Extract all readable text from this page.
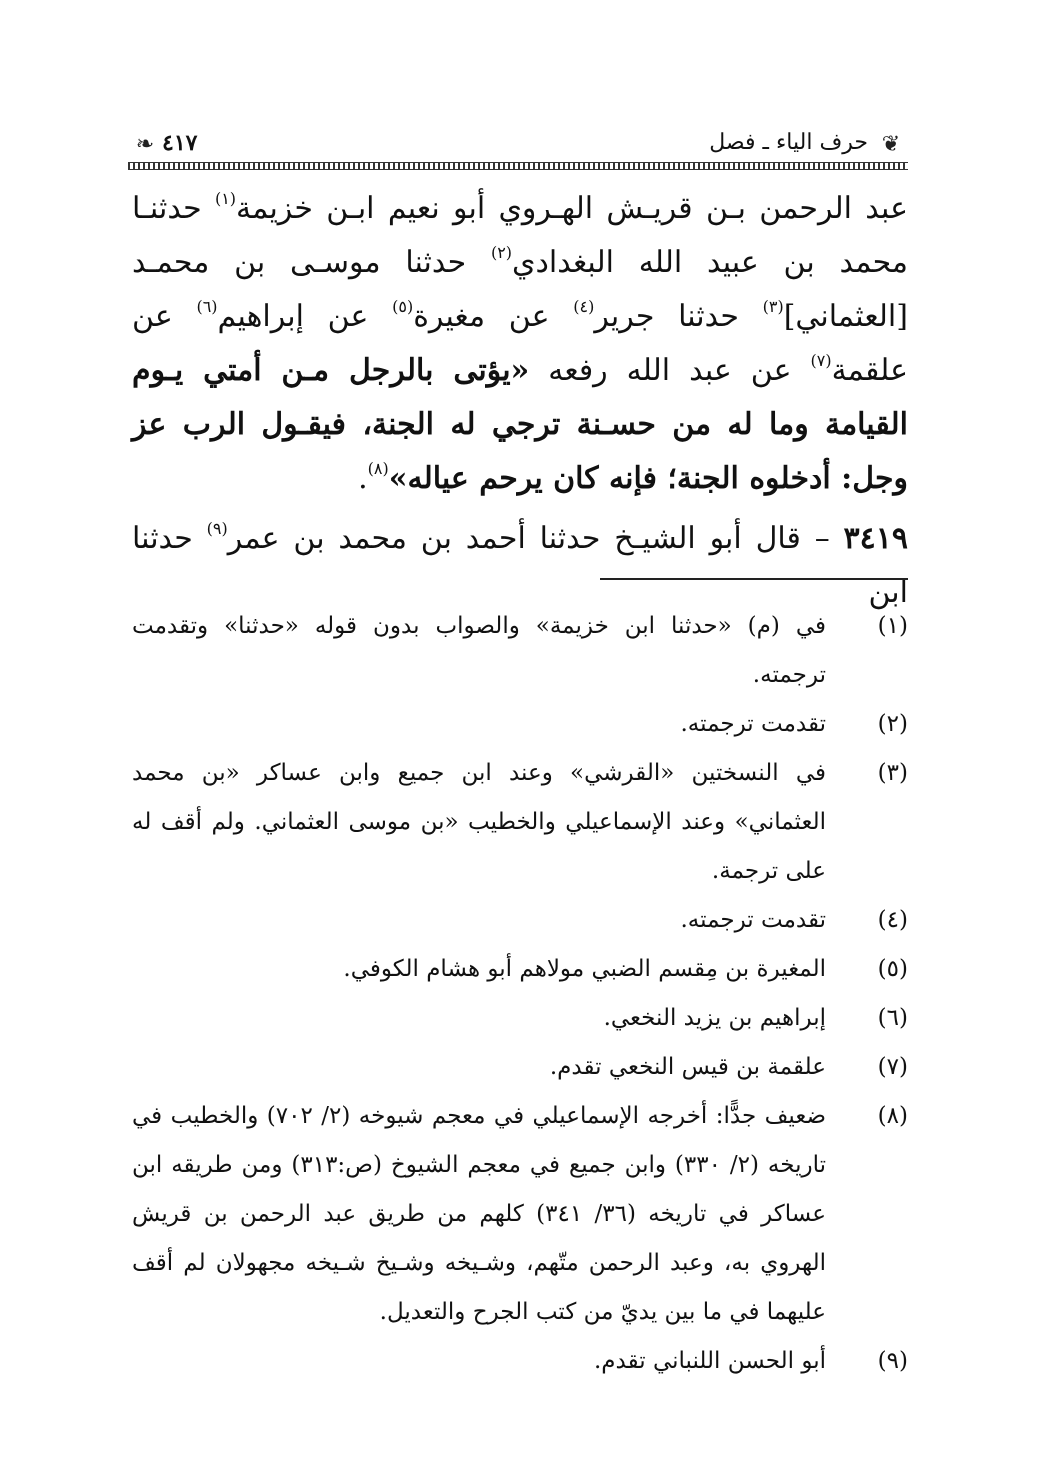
❦
حرف الياء ـ فصل
٤١٧
❧
عبد الرحمن بـن قريـش الهـروي أبو نعيم ابـن خزيمة$^{(١)}$ حدثنـا محمد بن عبيد الله البغدادي$^{(٢)}$ حدثنا موسـى بن محمـد [العثماني]$^{(٣)}$ حدثنا جرير$^{(٤)}$ عن مغيرة$^{(٥)}$ عن إبراهيم$^{(٦)}$ عن علقمة$^{(٧)}$ عن عبد الله رفعه «يؤتى بالرجل مـن أمتي يـوم القيامة وما له من حسـنة ترجي له الجنة، فيقـول الرب عز وجل: أدخلوه الجنة؛ فإنه كان يرحم عياله»$^{(٨)}$.
٣٤١٩ – قال أبو الشيـخ حدثنا أحمد بن محمد بن عمر$^{(٩)}$ حدثنا ابن
(١)
في (م) «حدثنا ابن خزيمة» والصواب بدون قوله «حدثنا» وتقدمت ترجمته.
(٢)
تقدمت ترجمته.
(٣)
في النسختين «القرشي» وعند ابن جميع وابن عساكر «بن محمد العثماني» وعند الإسماعيلي والخطيب «بن موسى العثماني. ولم أقف له على ترجمة.
(٤)
تقدمت ترجمته.
(٥)
المغيرة بن مِقسم الضبي مولاهم أبو هشام الكوفي.
(٦)
إبراهيم بن يزيد النخعي.
(٧)
علقمة بن قيس النخعي تقدم.
(٨)
ضعيف جدًّا: أخرجه الإسماعيلي في معجم شيوخه (٢/ ٧٠٢) والخطيب في تاريخه (٢/ ٣٣٠) وابن جميع في معجم الشيوخ (ص:٣١٣) ومن طريقه ابن عساكر في تاريخه (٣٦/ ٣٤١) كلهم من طريق عبد الرحمن بن قريش الهروي به، وعبد الرحمن متّهم، وشـيخه وشـيخ شـيخه مجهولان لم أقف عليهما في ما بين يديّ من كتب الجرح والتعديل.
(٩)
أبو الحسن اللنباني تقدم.
